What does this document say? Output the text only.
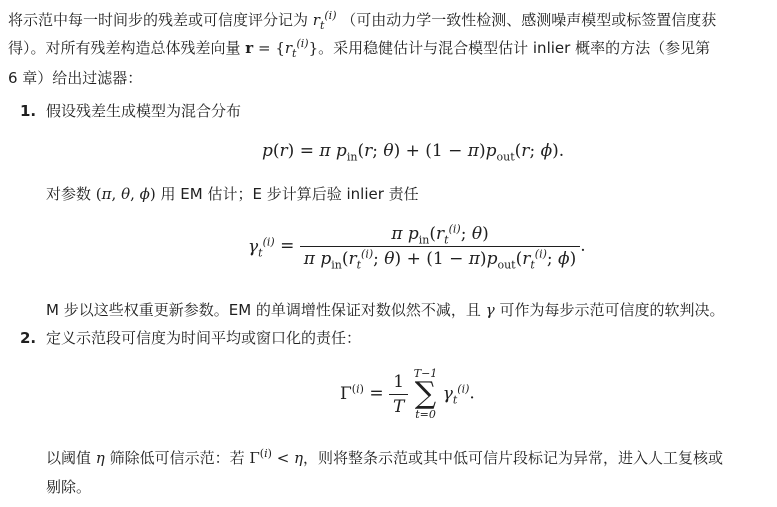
将示范中每一时间步的残差或可信度评分记为 $r_t^{(i)}$ （可由动力学一致性检测、感测噪声模型或标签置信度获
得）。对所有残差构造总体残差向量 $r = \{r_t^{(i)}\}$。采用稳健估计与混合模型估计 inlier 概率的方法（参见第
6 章）给出过滤器：
1. 假设残差生成模型为混合分布
p(r) = π $p_{in}(r$; $\theta) + (1 - \pi)p_{out}(r$; ϕ).
对参数 (π, θ, ϕ) 用 EM 估计；E 步计算后验 inlier 责任
$\gamma_t^{(i)} = \frac{\pi p_{in}(r_t^{(i)}; \theta)}{\pi p_{in}(r_t^{(i)}; \theta) + (1 - \pi)p_{out}(r_t^{(i)}; \phi)}$ .
M 步以这些权重更新参数。EM 的单调增性保证对数似然不减，且 γ 可作为每步示范可信度的软判决。
2. 定义示范段可信度为时间平均或窗口化的责任：
$\Gamma^{(i)} = \frac{1}{T}$
T−1
∑
t=0
$\gamma_t^{(i)}$.
以阈值 η 筛除低可信示范：若 $\Gamma^{(i)} < \eta$，则将整条示范或其中低可信片段标记为异常，进入人工复核或
剔除。
